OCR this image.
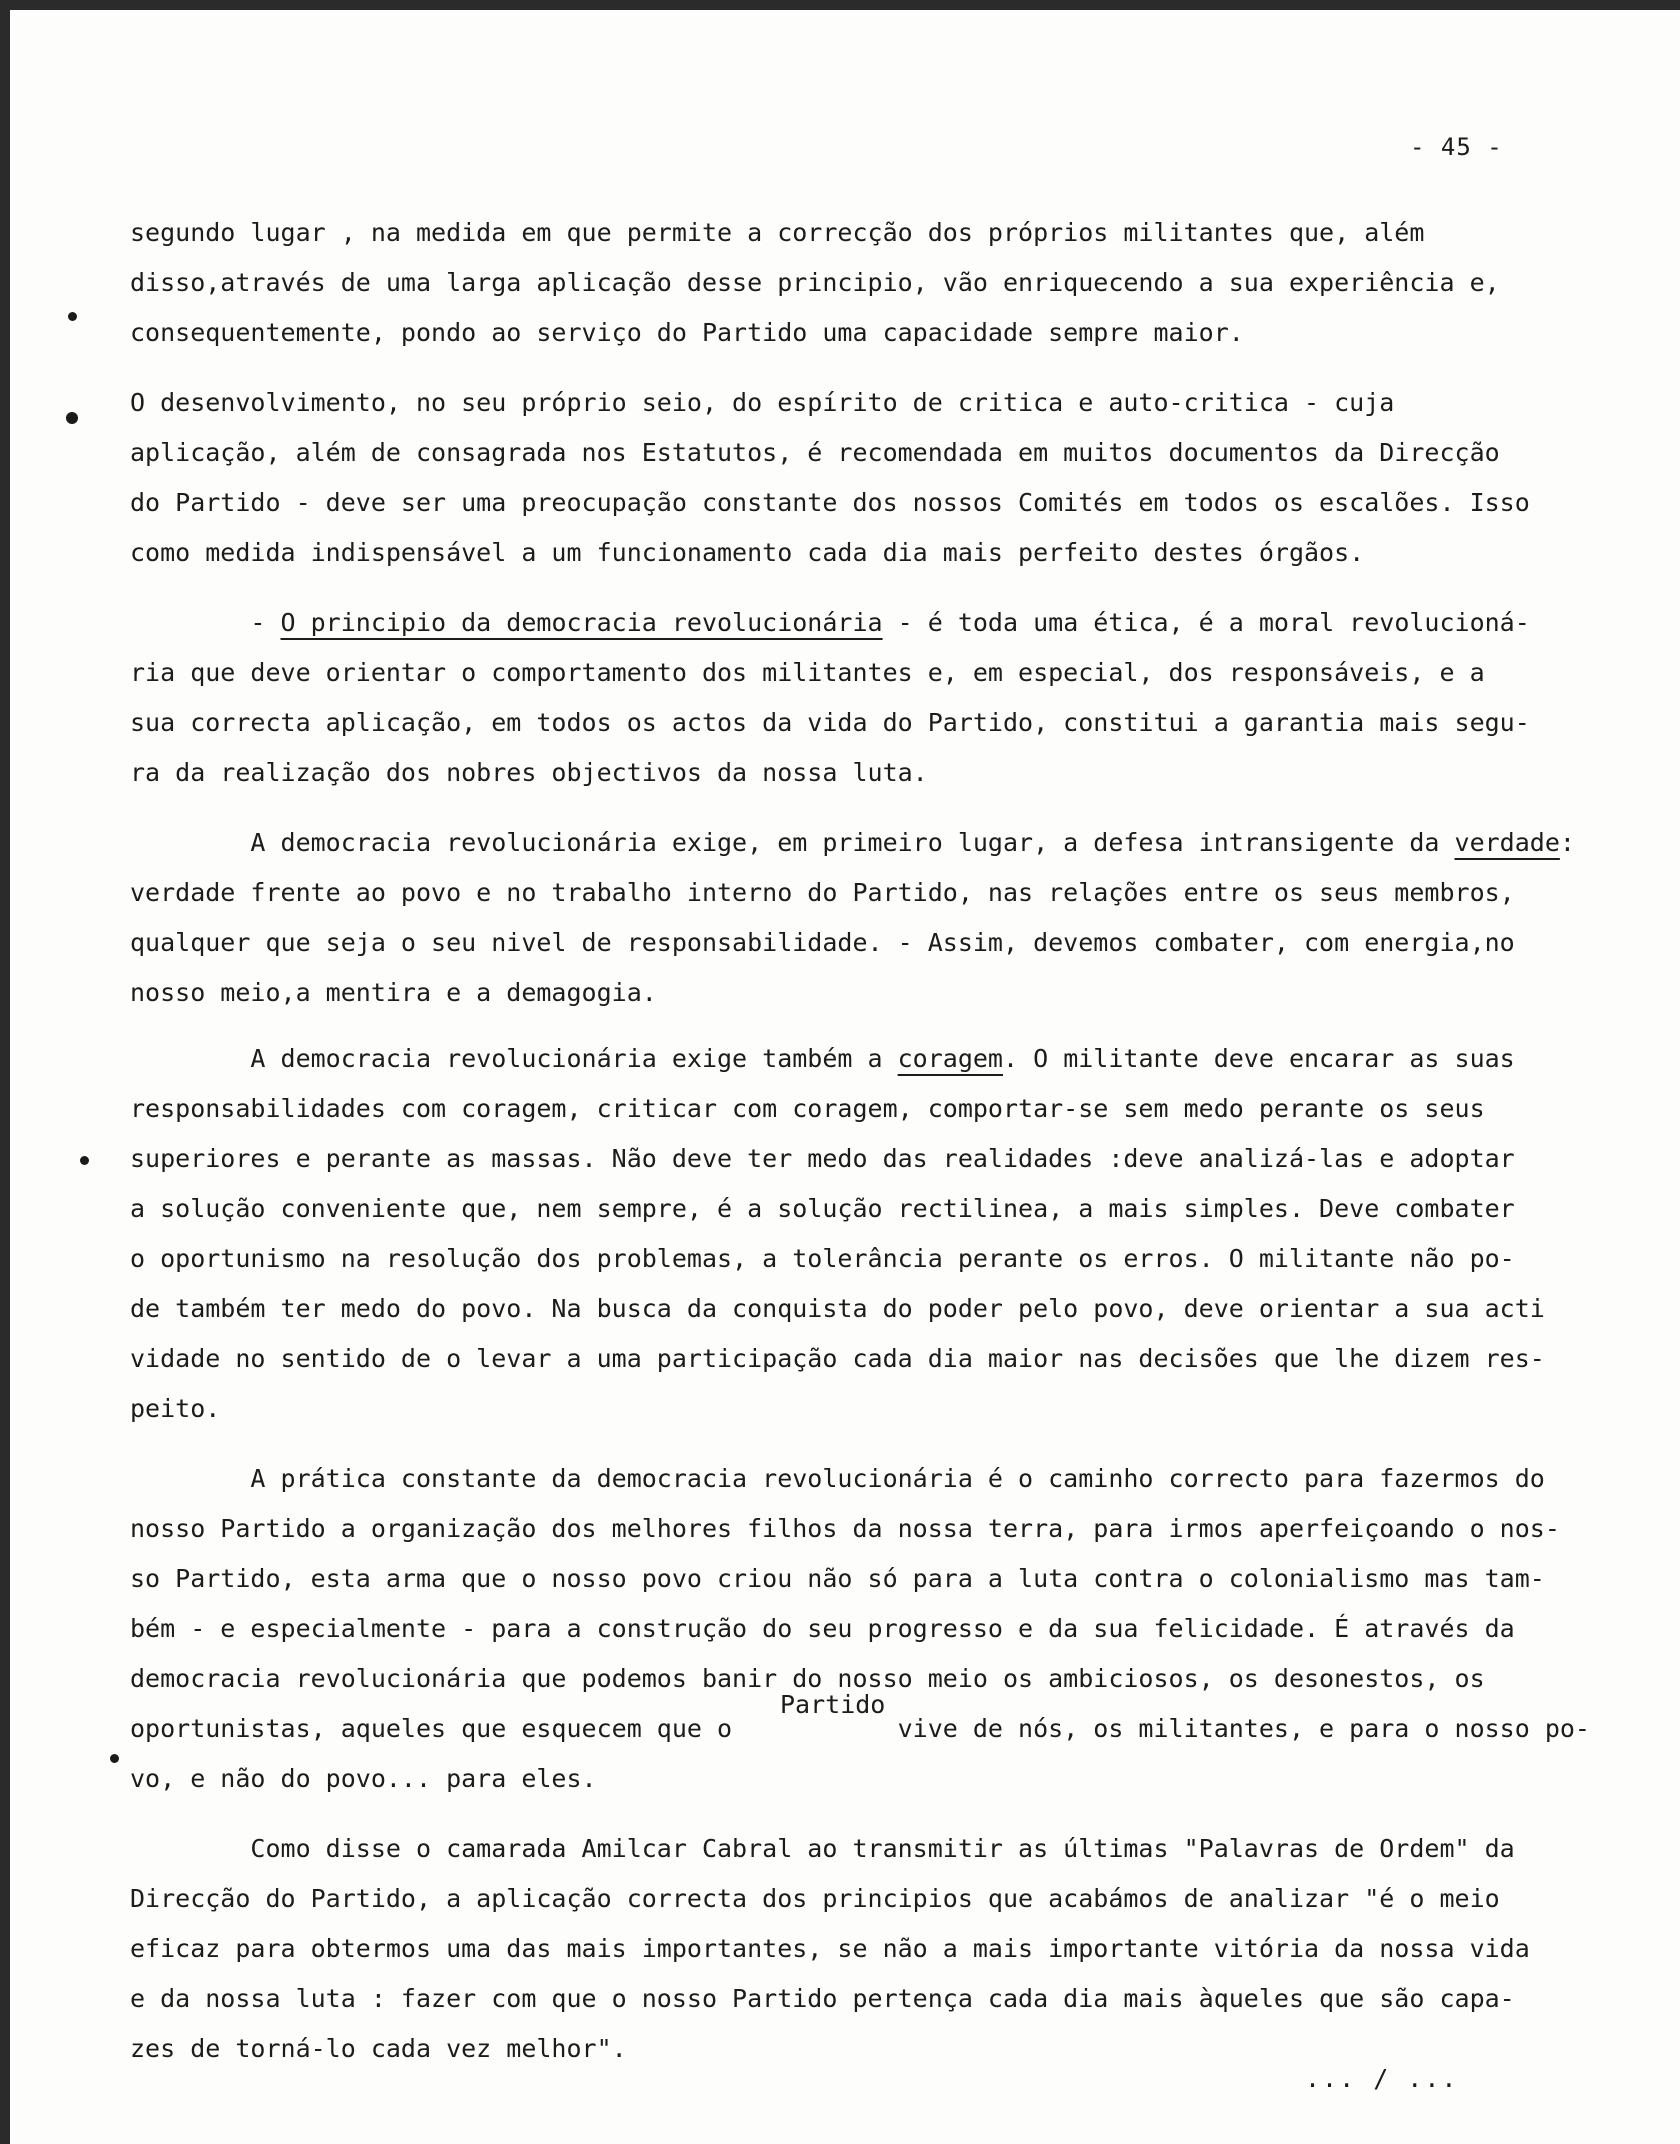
- 45 -
segundo lugar , na medida em que permite a correcção dos próprios militantes que, além
disso,através de uma larga aplicação desse principio, vão enriquecendo a sua experiência e,
consequentemente, pondo ao serviço do Partido uma capacidade sempre maior.
O desenvolvimento, no seu próprio seio, do espírito de critica e auto-critica - cuja
aplicação, além de consagrada nos Estatutos, é recomendada em muitos documentos da Direcção
do Partido - deve ser uma preocupação constante dos nossos Comités em todos os escalões. Isso
como medida indispensável a um funcionamento cada dia mais perfeito destes órgãos.
- O principio da democracia revolucionária - é toda uma ética, é a moral revolucioná-
ria que deve orientar o comportamento dos militantes e, em especial, dos responsáveis, e a
sua correcta aplicação, em todos os actos da vida do Partido, constitui a garantia mais segu-
ra da realização dos nobres objectivos da nossa luta.
A democracia revolucionária exige, em primeiro lugar, a defesa intransigente da verdade:
verdade frente ao povo e no trabalho interno do Partido, nas relações entre os seus membros,
qualquer que seja o seu nivel de responsabilidade. - Assim, devemos combater, com energia,no
nosso meio,a mentira e a demagogia.
A democracia revolucionária exige também a coragem. O militante deve encarar as suas
responsabilidades com coragem, criticar com coragem, comportar-se sem medo perante os seus
superiores e perante as massas. Não deve ter medo das realidades :deve analizá-las e adoptar
a solução conveniente que, nem sempre, é a solução rectilinea, a mais simples. Deve combater
o oportunismo na resolução dos problemas, a tolerância perante os erros. O militante não po-
de também ter medo do povo. Na busca da conquista do poder pelo povo, deve orientar a sua acti
vidade no sentido de o levar a uma participação cada dia maior nas decisões que lhe dizem res-
peito.
A prática constante da democracia revolucionária é o caminho correcto para fazermos do
nosso Partido a organização dos melhores filhos da nossa terra, para irmos aperfeiçoando o nos-
so Partido, esta arma que o nosso povo criou não só para a luta contra o colonialismo mas tam-
bém - e especialmente - para a construção do seu progresso e da sua felicidade. É através da
democracia revolucionária que podemos banir do nosso meio os ambiciosos, os desonestos, os
oportunistas, aqueles que esquecem que o           vive de nós, os militantes, e para o nosso po-
vo, e não do povo... para eles.
Partido
Como disse o camarada Amilcar Cabral ao transmitir as últimas "Palavras de Ordem" da
Direcção do Partido, a aplicação correcta dos principios que acabámos de analizar "é o meio
eficaz para obtermos uma das mais importantes, se não a mais importante vitória da nossa vida
e da nossa luta : fazer com que o nosso Partido pertença cada dia mais àqueles que são capa-
zes de torná-lo cada vez melhor".
... / ...
